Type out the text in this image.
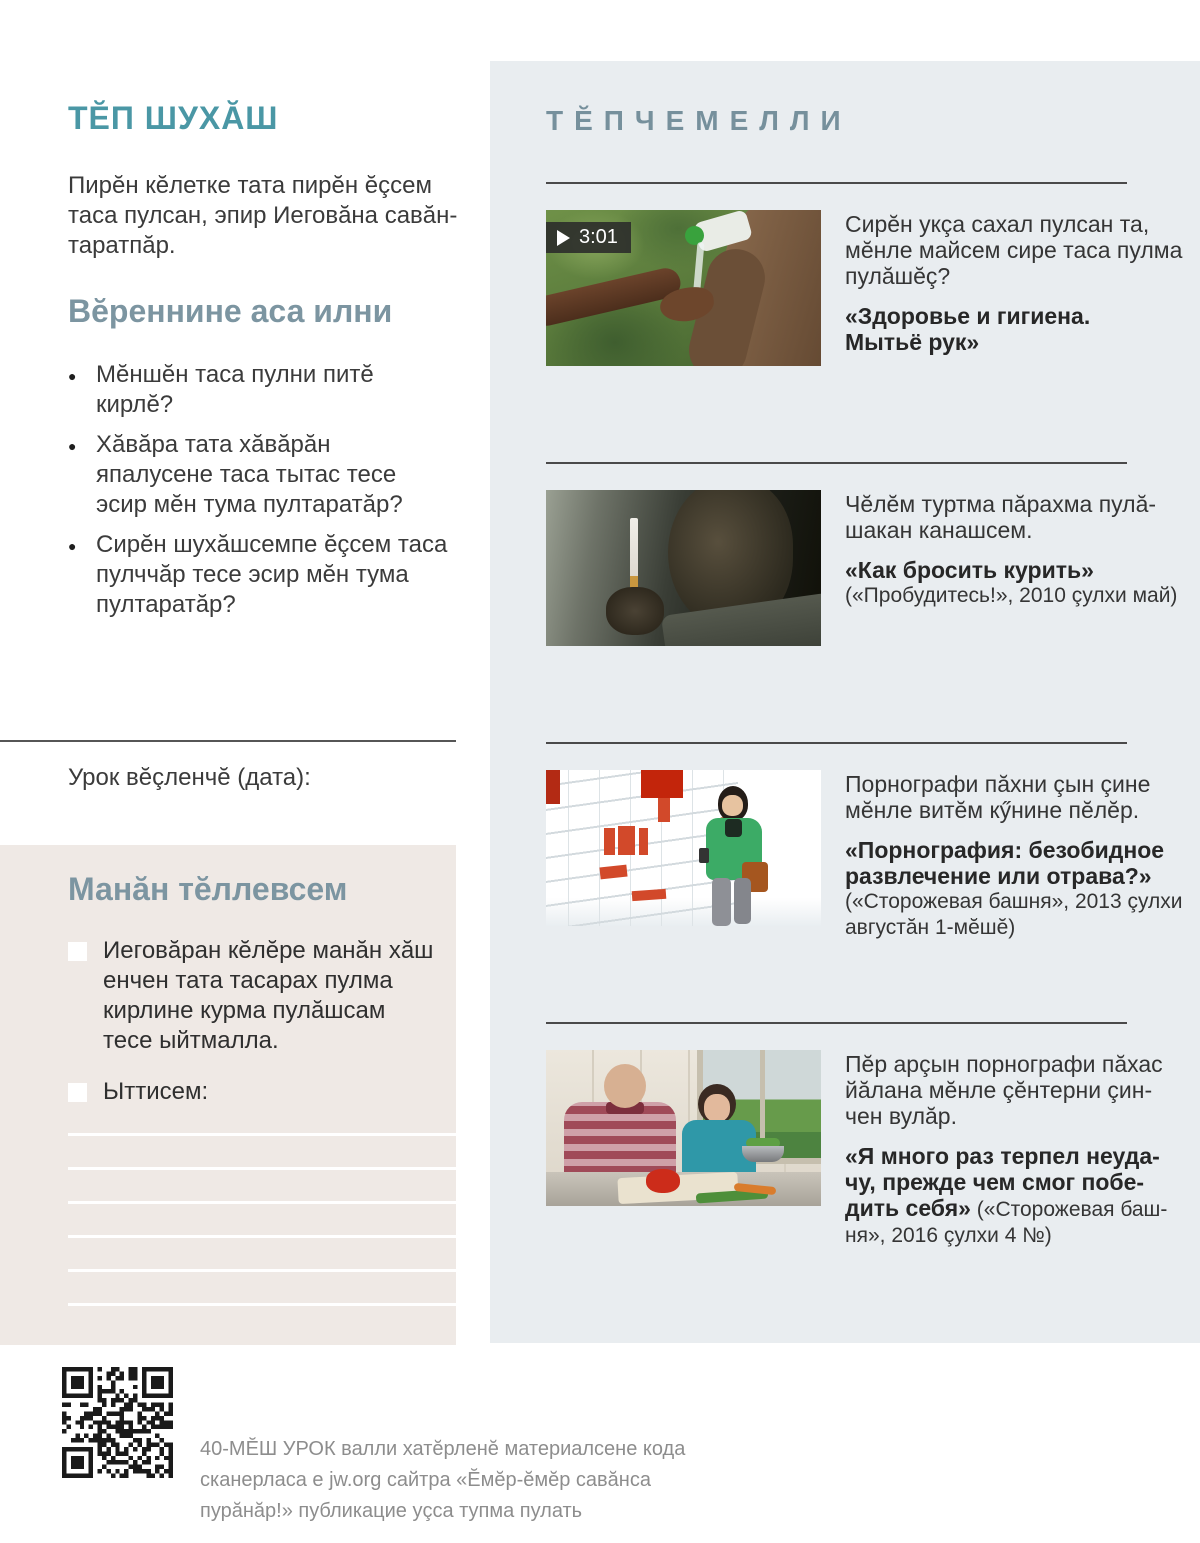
ТĔП ШУХĂШ
Пирĕн кĕлетке тата пирĕн ĕçсем
таса пулсан, эпир Иеговăна савăн-
таратпăр.
Вĕреннине аса илни
● Мĕншĕн таса пулни питĕ кирлĕ?
● Хăвăра тата хăвăрăн япалусене таса тытас тесе эсир мĕн тума пултаратăр?
● Сирĕн шухăшсемпе ĕçсем таса пулччăр тесе эсир мĕн тума пултаратăр?
Урок вĕçленчĕ (дата):
Манăн тĕллевсем
Иеговăран кĕлĕре манăн хăш
енчен тата тасарах пулма
кирлине курма пулăшсам
тесе ыйтмалла.
Ыттисем:
ТĔПЧЕМЕЛЛИ
3:01	Сирĕн укçа сахал пулсан та,
мĕнле майсем сире таса пулма
пулăшĕç?
«Здоровье и гигиена.
Мытьё рук»
Чĕлĕм туртма пăрахма пулă-
шакан канашсем.
«Как бросить курить»
(«Пробудитесь!», 2010 çулхи май)
Порнографи пăхни çын çине
мĕнле витĕм кӳнине пĕлĕр.
«Порнография: безобидное
развлечение или отрава?»
(«Сторожевая башня», 2013 çулхи
августăн 1-мĕшĕ)
Пĕр арçын порнографи пăхас
йăлана мĕнле çĕнтерни çин-
чен вулăр.
«Я много раз терпел неуда-
чу, прежде чем смог побе-
дить себя» («Сторожевая баш-
ня», 2016 çулхи 4 №)
40-МĔШ УРОК валли хатĕрленĕ материалсене кода
сканерласа е jw.org сайтра «Ĕмĕр-ĕмĕр савăнса
пурăнăр!» публикацие уçса тупма пулать
